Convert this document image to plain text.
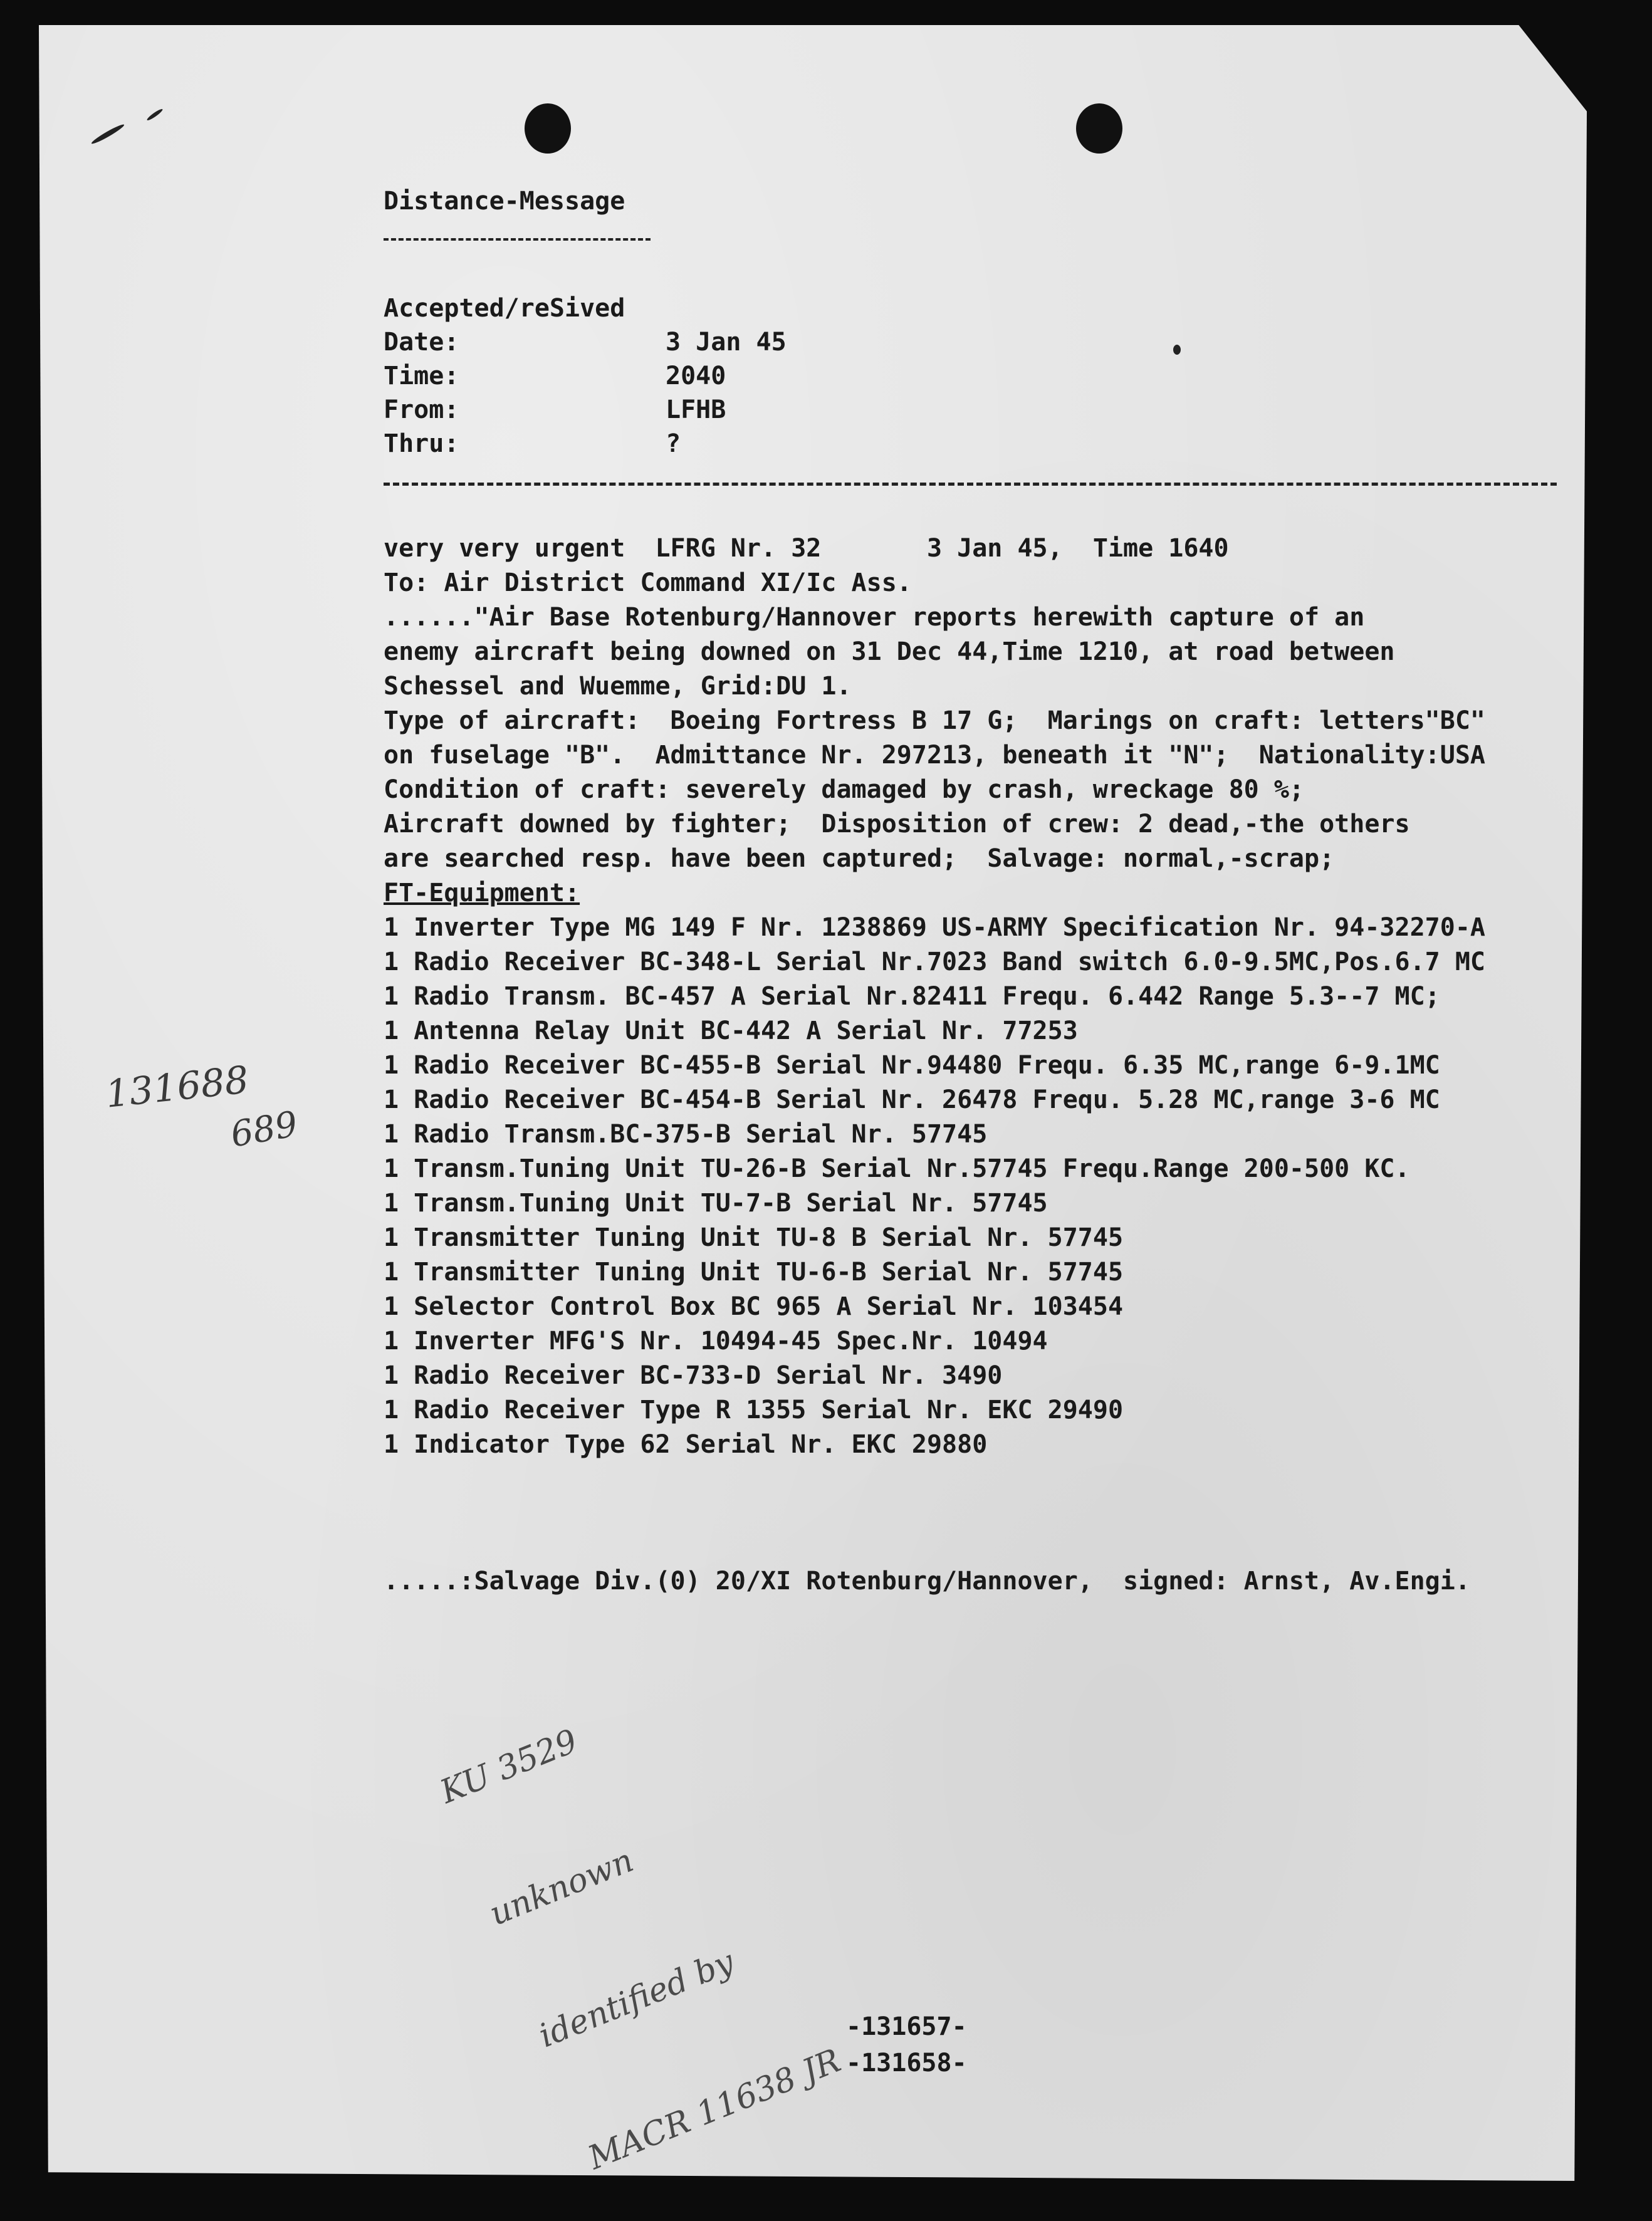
Distance-Message
Accepted/reSived
Date:	3 Jan 45
Time:	2040
From:	LFHB
Thru:	?
very very urgent  LFRG Nr. 32       3 Jan 45,  Time 1640
To: Air District Command XI/Ic Ass.
......"Air Base Rotenburg/Hannover reports herewith capture of an
enemy aircraft being downed on 31 Dec 44,Time 1210, at road between
Schessel and Wuemme, Grid:DU 1.
Type of aircraft:  Boeing Fortress B 17 G;  Marings on craft: letters"BC"
on fuselage "B".  Admittance Nr. 297213, beneath it "N";  Nationality:USA
Condition of craft: severely damaged by crash, wreckage 80 %;
Aircraft downed by fighter;  Disposition of crew: 2 dead,-the others
are searched resp. have been captured;  Salvage: normal,-scrap;
FT-Equipment:
1 Inverter Type MG 149 F Nr. 1238869 US-ARMY Specification Nr. 94-32270-A
1 Radio Receiver BC-348-L Serial Nr.7023 Band switch 6.0-9.5MC,Pos.6.7 MC
1 Radio Transm. BC-457 A Serial Nr.82411 Frequ. 6.442 Range 5.3--7 MC;
1 Antenna Relay Unit BC-442 A Serial Nr. 77253
1 Radio Receiver BC-455-B Serial Nr.94480 Frequ. 6.35 MC,range 6-9.1MC
1 Radio Receiver BC-454-B Serial Nr. 26478 Frequ. 5.28 MC,range 3-6 MC
1 Radio Transm.BC-375-B Serial Nr. 57745
1 Transm.Tuning Unit TU-26-B Serial Nr.57745 Frequ.Range 200-500 KC.
1 Transm.Tuning Unit TU-7-B Serial Nr. 57745
1 Transmitter Tuning Unit TU-8 B Serial Nr. 57745
1 Transmitter Tuning Unit TU-6-B Serial Nr. 57745
1 Selector Control Box BC 965 A Serial Nr. 103454
1 Inverter MFG'S Nr. 10494-45 Spec.Nr. 10494
1 Radio Receiver BC-733-D Serial Nr. 3490
1 Radio Receiver Type R 1355 Serial Nr. EKC 29490
1 Indicator Type 62 Serial Nr. EKC 29880
.....:Salvage Div.(0) 20/XI Rotenburg/Hannover,  signed: Arnst, Av.Engi.
131688
689

KU 3529

unknown

identified by

MACR 11638 JR

-131657-
-131658-
